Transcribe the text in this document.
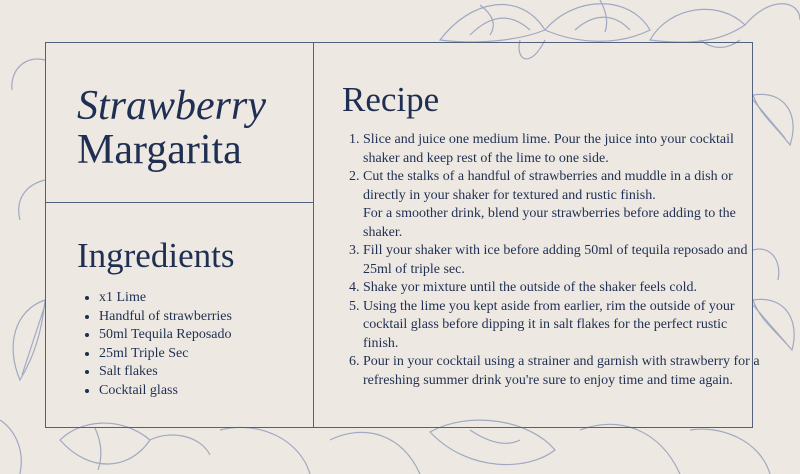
Strawberry
Margarita
Ingredients
• x1 Lime
• Handful of strawberries
• 50ml Tequila Reposado
• 25ml Triple Sec
• Salt flakes
• Cocktail glass
Recipe
1. Slice and juice one medium lime. Pour the juice into your cocktail shaker and keep rest of the lime to one side.
2. Cut the stalks of a handful of strawberries and muddle in a dish or directly in your shaker for textured and rustic finish.
For a smoother drink, blend your strawberries before adding to the shaker.
3. Fill your shaker with ice before adding 50ml of tequila reposado and 25ml of triple sec.
4. Shake yor mixture until the outside of the shaker feels cold.
5. Using the lime you kept aside from earlier, rim the outside of your cocktail glass before dipping it in salt flakes for the perfect rustic finish.
6. Pour in your cocktail using a strainer and garnish with strawberry for a refreshing summer drink you're sure to enjoy time and time again.
